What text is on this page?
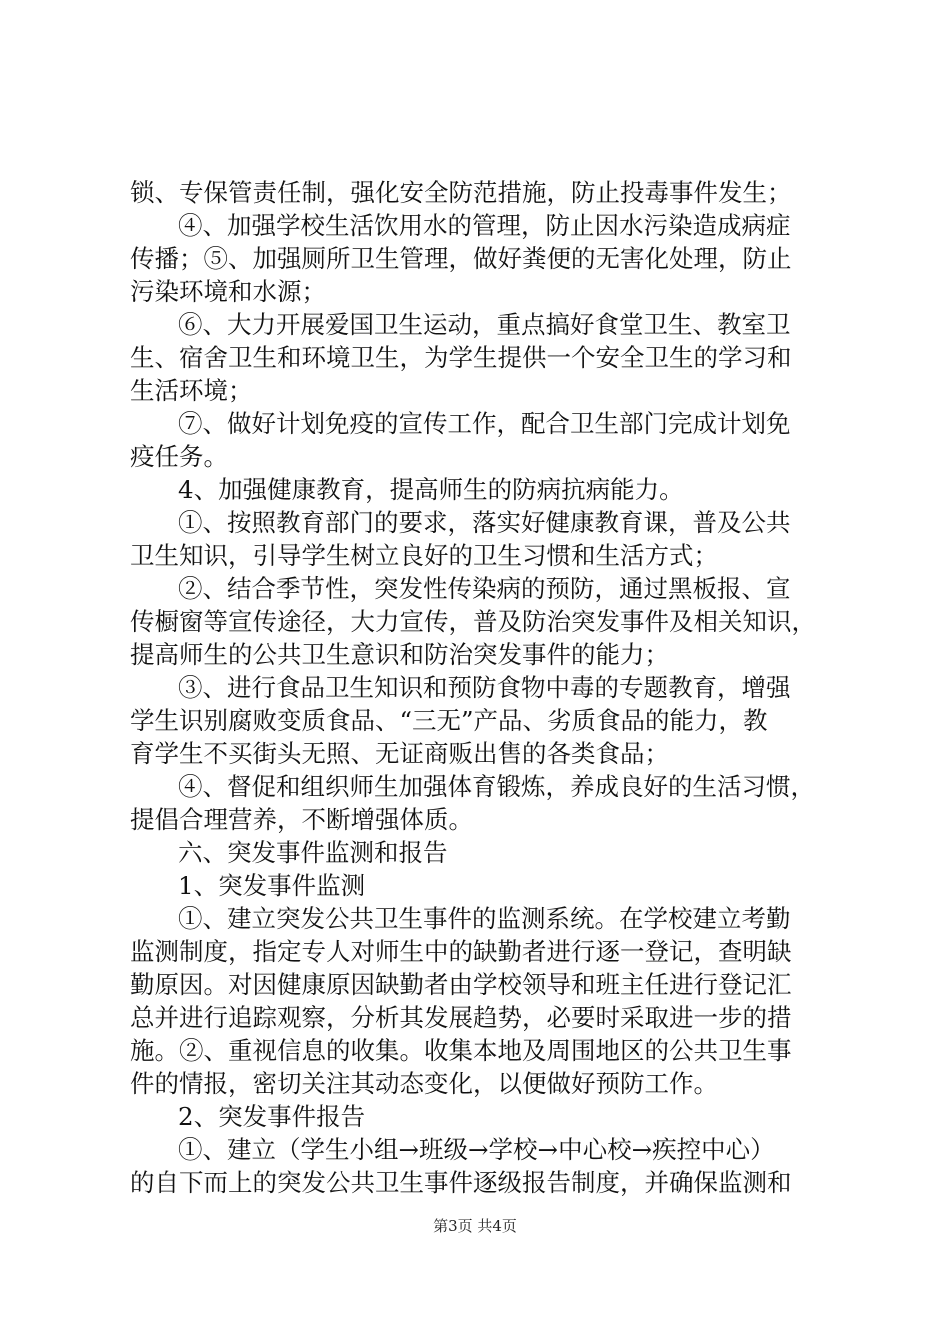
锁、专保管责任制，强化安全防范措施，防止投毒事件发生；
④、加强学校生活饮用水的管理，防止因水污染造成病症
传播；⑤、加强厕所卫生管理，做好粪便的无害化处理，防止
污染环境和水源；
⑥、大力开展爱国卫生运动，重点搞好食堂卫生、教室卫
生、宿舍卫生和环境卫生，为学生提供一个安全卫生的学习和
生活环境；
⑦、做好计划免疫的宣传工作，配合卫生部门完成计划免
疫任务。
4、加强健康教育，提高师生的防病抗病能力。
①、按照教育部门的要求，落实好健康教育课，普及公共
卫生知识，引导学生树立良好的卫生习惯和生活方式；
②、结合季节性，突发性传染病的预防，通过黑板报、宣
传橱窗等宣传途径，大力宣传，普及防治突发事件及相关知识，
提高师生的公共卫生意识和防治突发事件的能力；
③、进行食品卫生知识和预防食物中毒的专题教育，增强
学生识别腐败变质食品、“三无”产品、劣质食品的能力，教
育学生不买街头无照、无证商贩出售的各类食品；
④、督促和组织师生加强体育锻炼，养成良好的生活习惯，
提倡合理营养，不断增强体质。
六、突发事件监测和报告
1、突发事件监测
①、建立突发公共卫生事件的监测系统。在学校建立考勤
监测制度，指定专人对师生中的缺勤者进行逐一登记，查明缺
勤原因。对因健康原因缺勤者由学校领导和班主任进行登记汇
总并进行追踪观察，分析其发展趋势，必要时采取进一步的措
施。②、重视信息的收集。收集本地及周围地区的公共卫生事
件的情报，密切关注其动态变化，以便做好预防工作。
2、突发事件报告
①、建立（学生小组→班级→学校→中心校→疾控中心）
的自下而上的突发公共卫生事件逐级报告制度，并确保监测和
第3页 共4页
